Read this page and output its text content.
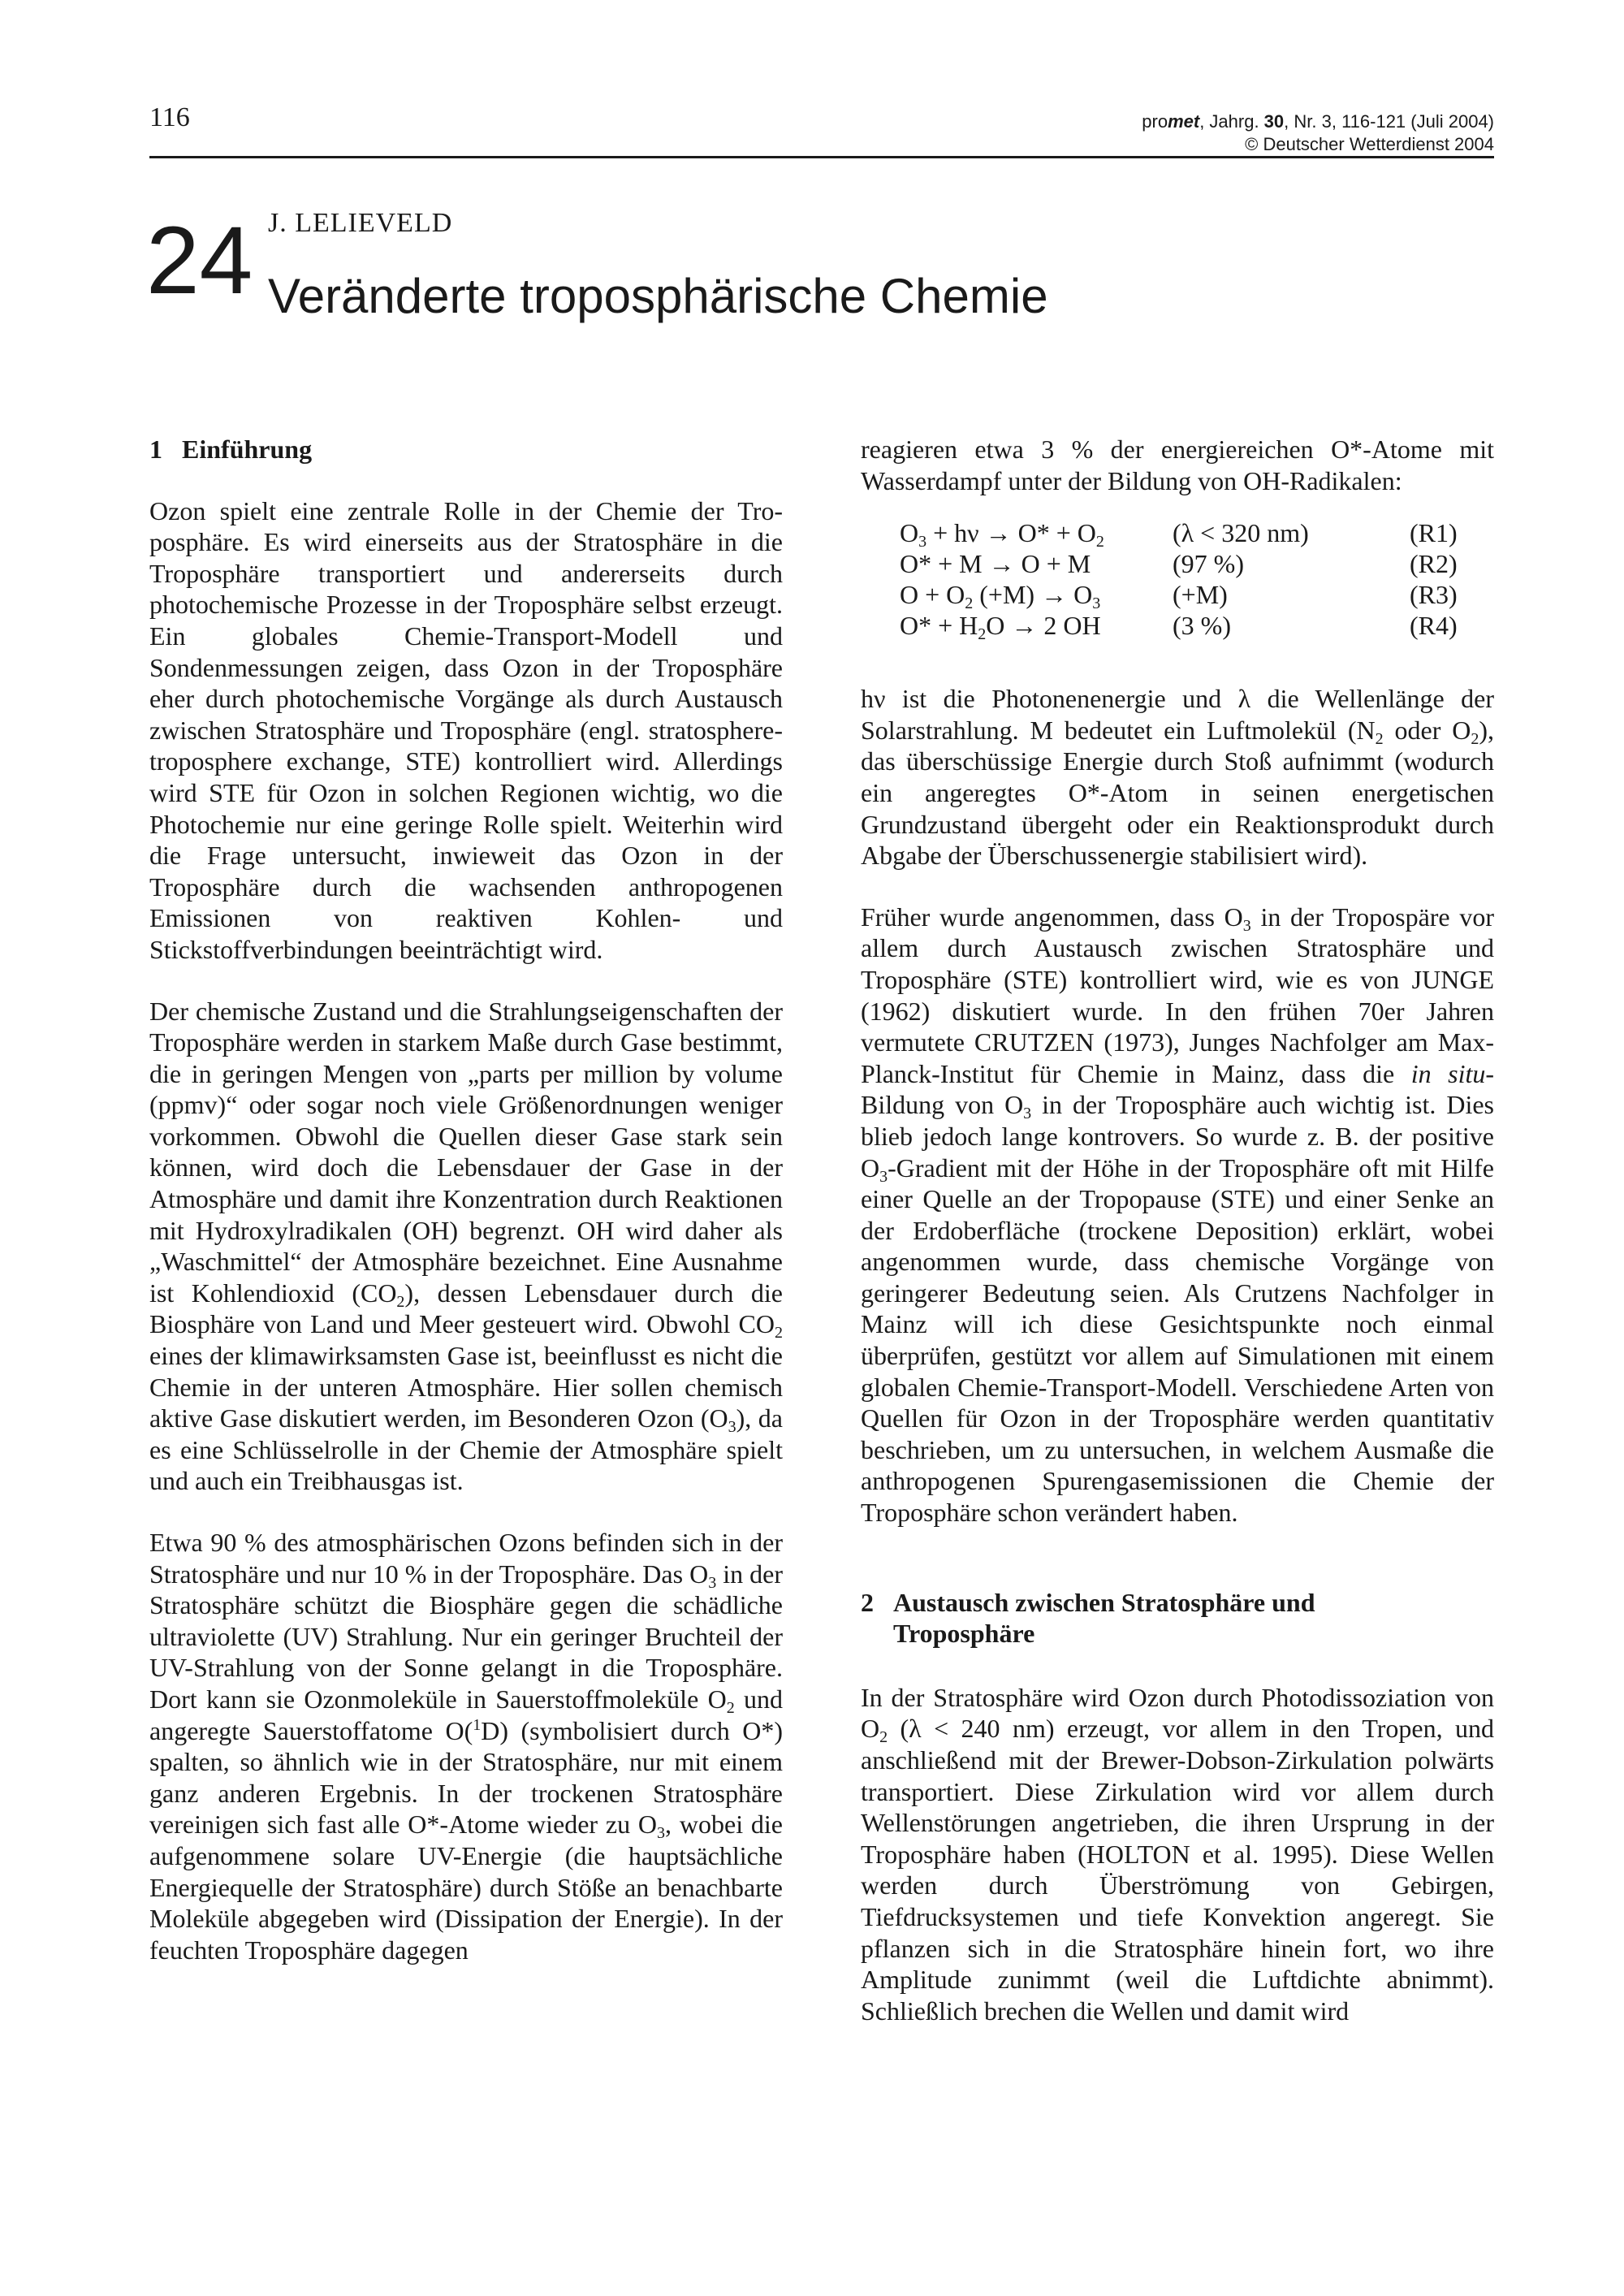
116	promet, Jahrg. 30, Nr. 3, 116-121 (Juli 2004)
© Deutscher Wetterdienst 2004
24 J. LELIEVELD
Veränderte troposphärische Chemie
1 Einführung

Ozon spielt eine zentrale Rolle in der Chemie der Troposphäre. Es wird einerseits aus der Stratosphäre in die Troposphäre transportiert und andererseits durch photochemische Prozesse in der Troposphäre selbst erzeugt. Ein globales Chemie-Transport-Modell und Sondenmessungen zeigen, dass Ozon in der Troposphäre eher durch photochemische Vorgänge als durch Austausch zwischen Stratosphäre und Troposphäre (engl. stratosphere-troposphere exchange, STE) kontrolliert wird. Allerdings wird STE für Ozon in solchen Regionen wichtig, wo die Photochemie nur eine geringe Rolle spielt. Weiterhin wird die Frage untersucht, inwieweit das Ozon in der Troposphäre durch die wachsenden anthropogenen Emissionen von reaktiven Kohlen- und Stickstoffverbindungen beeinträchtigt wird.

Der chemische Zustand und die Strahlungseigenschaften der Troposphäre werden in starkem Maße durch Gase bestimmt, die in geringen Mengen von „parts per million by volume (ppmv)“ oder sogar noch viele Größenordnungen weniger vorkommen. Obwohl die Quellen dieser Gase stark sein können, wird doch die Lebensdauer der Gase in der Atmosphäre und damit ihre Konzentration durch Reaktionen mit Hydroxylradikalen (OH) begrenzt. OH wird daher als „Waschmittel“ der Atmosphäre bezeichnet. Eine Ausnahme ist Kohlendioxid $(CO_2)$, dessen Lebensdauer durch die Biosphäre von Land und Meer gesteuert wird. Obwohl $CO_2$ eines der klimawirksamsten Gase ist, beeinflusst es nicht die Chemie in der unteren Atmosphäre. Hier sollen chemisch aktive Gase diskutiert werden, im Besonderen Ozon $(O_3)$, da es eine Schlüsselrolle in der Chemie der Atmosphäre spielt und auch ein Treibhausgas ist.

Etwa 90 % des atmosphärischen Ozons befinden sich in der Stratosphäre und nur 10 % in der Troposphäre. Das $O_3$ in der Stratosphäre schützt die Biosphäre gegen die schädliche ultraviolette (UV) Strahlung. Nur ein geringer Bruchteil der UV-Strahlung von der Sonne gelangt in die Troposphäre. Dort kann sie Ozonmoleküle in Sauerstoffmoleküle $O_2$ und angeregte Sauerstoffatome O($^1$D) (symbolisiert durch O*) spalten, so ähnlich wie in der Stratosphäre, nur mit einem ganz anderen Ergebnis. In der trockenen Stratosphäre vereinigen sich fast alle O*-Atome wieder zu $O_3$, wobei die aufgenommene solare UV-Energie (die hauptsächliche Energiequelle der Stratosphäre) durch Stöße an benachbarte Moleküle abgegeben wird (Dissipation der Energie). In der feuchten Troposphäre dagegen

reagieren etwa 3 % der energiereichen O*-Atome mit Wasserdampf unter der Bildung von OH-Radikalen:

$O_3 + h\nu \to O* + O_2$	(λ < 320 nm)	(R1)
O* + M → O + M	(97 %)	(R2)
$O + O_2$ $(+M) \to O_3$	(+M)	(R3)
$O* + H_2O \to 2$ OH	(3 %)	(R4)

hν ist die Photonenenergie und λ die Wellenlänge der Solarstrahlung. M bedeutet ein Luftmolekül ($N_2$ oder $O_2$), das überschüssige Energie durch Stoß aufnimmt (wodurch ein angeregtes O*-Atom in seinen energetischen Grundzustand übergeht oder ein Reaktionsprodukt durch Abgabe der Überschussenergie stabilisiert wird).

Früher wurde angenommen, dass $O_3$ in der Tropospäre vor allem durch Austausch zwischen Stratosphäre und Troposphäre (STE) kontrolliert wird, wie es von JUNGE (1962) diskutiert wurde. In den frühen 70er Jahren vermutete CRUTZEN (1973), Junges Nachfolger am Max-Planck-Institut für Chemie in Mainz, dass die in situ-Bildung von $O_3$ in der Troposphäre auch wichtig ist. Dies blieb jedoch lange kontrovers. So wurde z. B. der positive $O_3$-Gradient mit der Höhe in der Troposphäre oft mit Hilfe einer Quelle an der Tropopause (STE) und einer Senke an der Erdoberfläche (trockene Deposition) erklärt, wobei angenommen wurde, dass chemische Vorgänge von geringerer Bedeutung seien. Als Crutzens Nachfolger in Mainz will ich diese Gesichtspunkte noch einmal überprüfen, gestützt vor allem auf Simulationen mit einem globalen Chemie-Transport-Modell. Verschiedene Arten von Quellen für Ozon in der Troposphäre werden quantitativ beschrieben, um zu untersuchen, in welchem Ausmaße die anthropogenen Spurengasemissionen die Chemie der Troposphäre schon verändert haben.

2 Austausch zwischen Stratosphäre und Troposphäre

In der Stratosphäre wird Ozon durch Photodissoziation von $O_2$ (λ < 240 nm) erzeugt, vor allem in den Tropen, und anschließend mit der Brewer-Dobson-Zirkulation polwärts transportiert. Diese Zirkulation wird vor allem durch Wellenstörungen angetrieben, die ihren Ursprung in der Troposphäre haben (HOLTON et al. 1995). Diese Wellen werden durch Überströmung von Gebirgen, Tiefdrucksystemen und tiefe Konvektion angeregt. Sie pflanzen sich in die Stratosphäre hinein fort, wo ihre Amplitude zunimmt (weil die Luftdichte abnimmt). Schließlich brechen die Wellen und damit wird
